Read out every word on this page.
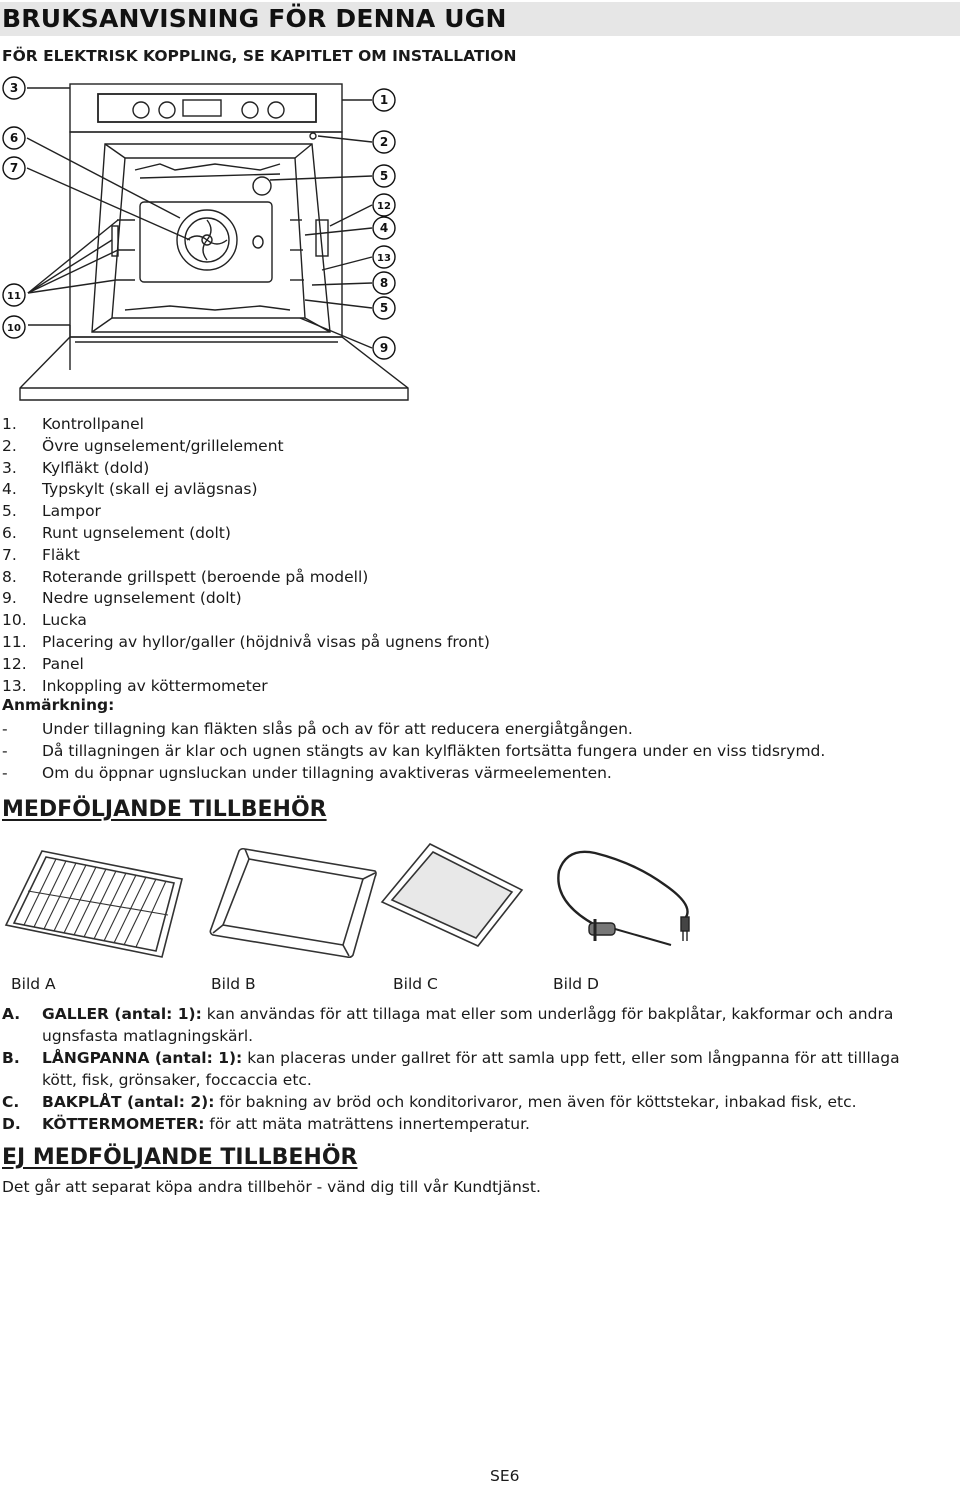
BRUKSANVISNING FÖR DENNA UGN
FÖR ELEKTRISK KOPPLING, SE KAPITLET OM INSTALLATION
3
6
7
11
10
1
2
5
12
4
13
8
5
9
1. Kontrollpanel
2. Övre ugnselement/grillelement
3. Kylfläkt (dold)
4. Typskylt (skall ej avlägsnas)
5. Lampor
6. Runt ugnselement (dolt)
7. Fläkt
8. Roterande grillspett (beroende på modell)
9. Nedre ugnselement (dolt)
10. Lucka
11. Placering av hyllor/galler (höjdnivå visas på ugnens front)
12. Panel
13. Inkoppling av köttermometer
Anmärkning:
- Under tillagning kan fläkten slås på och av för att reducera energiåtgången.
- Då tillagningen är klar och ugnen stängts av kan kylfläkten fortsätta fungera under en viss tidsrymd.
- Om du öppnar ugnsluckan under tillagning avaktiveras värmeelementen.
MEDFÖLJANDE TILLBEHÖR
Bild A	Bild B	Bild C	Bild D
A. GALLER (antal: 1): kan användas för att tillaga mat eller som underlågg för bakplåtar, kakformar och andra ugnsfasta matlagningskärl.
B. LÅNGPANNA (antal: 1): kan placeras under gallret för att samla upp fett, eller som långpanna för att tilllaga kött, fisk, grönsaker, foccaccia etc.
C. BAKPLÅT (antal: 2): för bakning av bröd och konditorivaror, men även för köttstekar, inbakad fisk, etc.
D. KÖTTERMOMETER: för att mäta maträttens innertemperatur.
EJ MEDFÖLJANDE TILLBEHÖR
Det går att separat köpa andra tillbehör - vänd dig till vår Kundtjänst.
SE6
